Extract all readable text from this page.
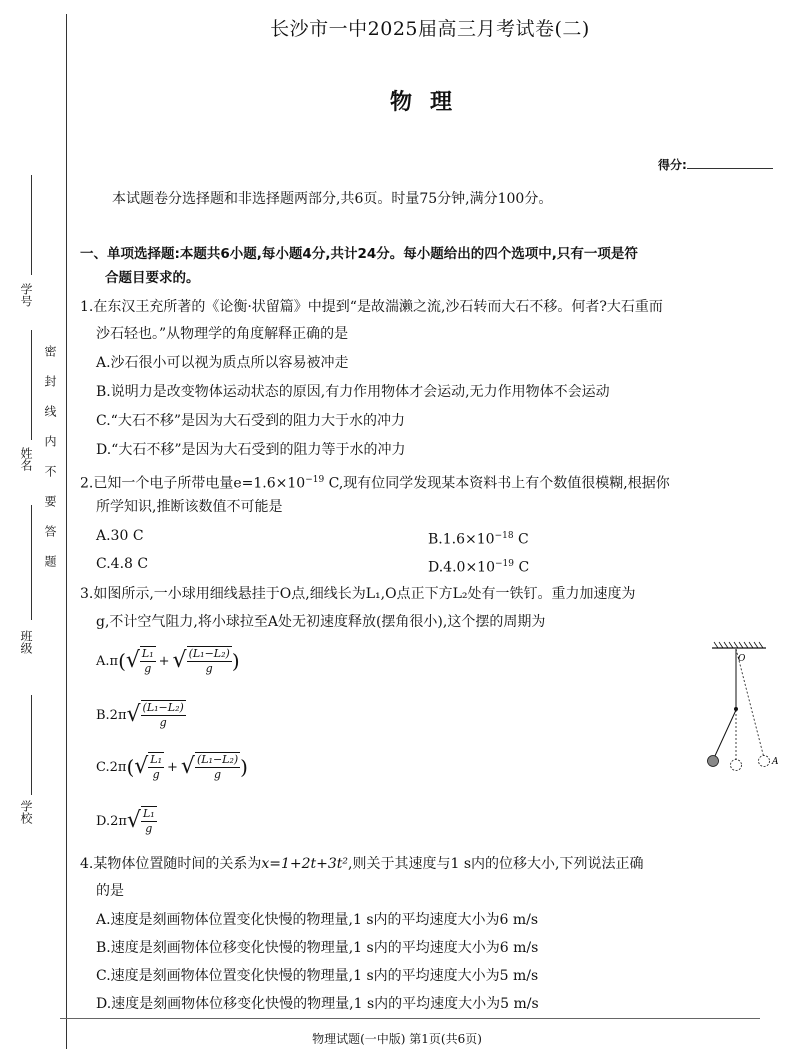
学号
姓名
班级
学校
密封线内不要答题
长沙市一中2025届高三月考试卷(二)
物理
得分:
本试题卷分选择题和非选择题两部分,共6页。时量75分钟,满分100分。
一、单项选择题:本题共6小题,每小题4分,共计24分。每小题给出的四个选项中,只有一项是符
合题目要求的。
1.在东汉王充所著的《论衡·状留篇》中提到“是故湍濑之流,沙石转而大石不移。何者?大石重而
沙石轻也。”从物理学的角度解释正确的是
A.沙石很小可以视为质点所以容易被冲走
B.说明力是改变物体运动状态的原因,有力作用物体才会运动,无力作用物体不会运动
C.“大石不移”是因为大石受到的阻力大于水的冲力
D.“大石不移”是因为大石受到的阻力等于水的冲力
2.已知一个电子所带电量$e=1.6\times 10^{-19}$ C,现有位同学发现某本资料书上有个数值很模糊,根据你
所学知识,推断该数值不可能是
A.30 C	$B.1.6\times 10^{-18}$ C
C.4.8 C	$D.4.0\times 10^{-19}$ C
3.如图所示,一小球用细线悬挂于O点,细线长为L₁,O点正下方L₂处有一铁钉。重力加速度为
g,不计空气阻力,将小球拉至A处无初速度释放(摆角很小),这个摆的周期为
A.π ( √ L₁
g + √ (L₁−L₂)
g )
B.2π √ (L₁−L₂)
g
C.2π ( √ L₁
g + √ (L₁−L₂)
g )
D.2π √ L₁
g
O
A
4.某物体位置随时间的关系为x=1+2t+3t²,则关于其速度与1 s内的位移大小,下列说法正确
的是
A.速度是刻画物体位置变化快慢的物理量,1 s内的平均速度大小为6 m/s
B.速度是刻画物体位移变化快慢的物理量,1 s内的平均速度大小为6 m/s
C.速度是刻画物体位置变化快慢的物理量,1 s内的平均速度大小为5 m/s
D.速度是刻画物体位移变化快慢的物理量,1 s内的平均速度大小为5 m/s
物理试题(一中版) 第1页(共6页)
